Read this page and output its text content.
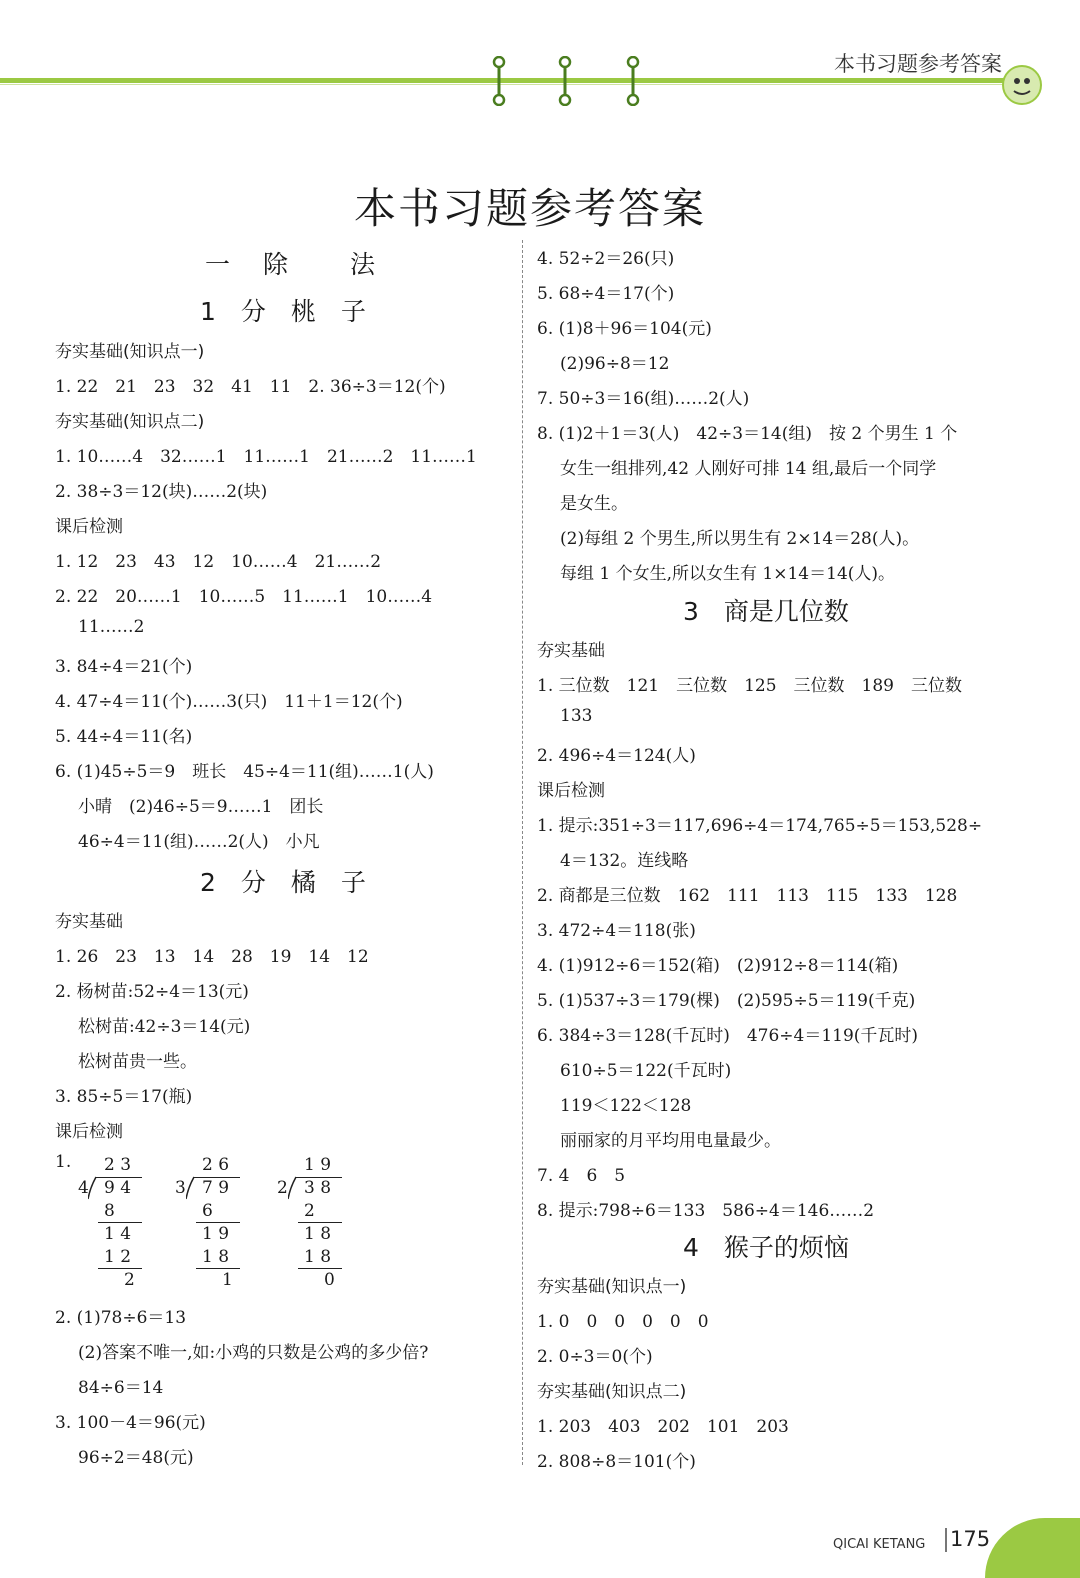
本书习题参考答案
本书习题参考答案
一　除　　法
1　分　桃　子
夯实基础(知识点一)
1. 22　21　23　32　41　11　2. 36÷3＝12(个)
夯实基础(知识点二)
1. 10……4　32……1　11……1　21……2　11……1
2. 38÷3＝12(块)……2(块)
课后检测
1. 12　23　43　12　10……4　21……2
2. 22　20……1　10……5　11……1　10……4
11……2
3. 84÷4＝21(个)
4. 47÷4＝11(个)……3(只)　11＋1＝12(个)
5. 44÷4＝11(名)
6. (1)45÷5＝9　班长　45÷4＝11(组)……1(人)
小晴　(2)46÷5＝9……1　团长
46÷4＝11(组)……2(人)　小凡
2　分　橘　子
夯实基础
1. 26　23　13　14　28　19　14　12
2. 杨树苗:52÷4＝13(元)
松树苗:42÷3＝14(元)
松树苗贵一些。
3. 85÷5＝17(瓶)
课后检测
1. 2 3
4 9 4
8
1 4
1 2
2
2 6
3 7 9
6
1 9
1 8
1
1 9
2 3 8
2
1 8
1 8
0
2. (1)78÷6＝13
(2)答案不唯一,如:小鸡的只数是公鸡的多少倍?
84÷6＝14
3. 100－4＝96(元)
96÷2＝48(元)
4. 52÷2＝26(只)
5. 68÷4＝17(个)
6. (1)8＋96＝104(元)
(2)96÷8＝12
7. 50÷3＝16(组)……2(人)
8. (1)2＋1＝3(人)　42÷3＝14(组)　按 2 个男生 1 个
女生一组排列,42 人刚好可排 14 组,最后一个同学
是女生。
(2)每组 2 个男生,所以男生有 2×14＝28(人)。
每组 1 个女生,所以女生有 1×14＝14(人)。
3　商是几位数
夯实基础
1. 三位数　121　三位数　125　三位数　189　三位数
133
2. 496÷4＝124(人)
课后检测
1. 提示:351÷3＝117,696÷4＝174,765÷5＝153,528÷
4＝132。连线略
2. 商都是三位数　162　111　113　115　133　128
3. 472÷4＝118(张)
4. (1)912÷6＝152(箱)　(2)912÷8＝114(箱)
5. (1)537÷3＝179(棵)　(2)595÷5＝119(千克)
6. 384÷3＝128(千瓦时)　476÷4＝119(千瓦时)
610÷5＝122(千瓦时)
119＜122＜128
丽丽家的月平均用电量最少。
7. 4　6　5
8. 提示:798÷6＝133　586÷4＝146……2
4　猴子的烦恼
夯实基础(知识点一)
1. 0　0　0　0　0　0
2. 0÷3＝0(个)
夯实基础(知识点二)
1. 203　403　202　101　203
2. 808÷8＝101(个)
QICAI KETANG 175
